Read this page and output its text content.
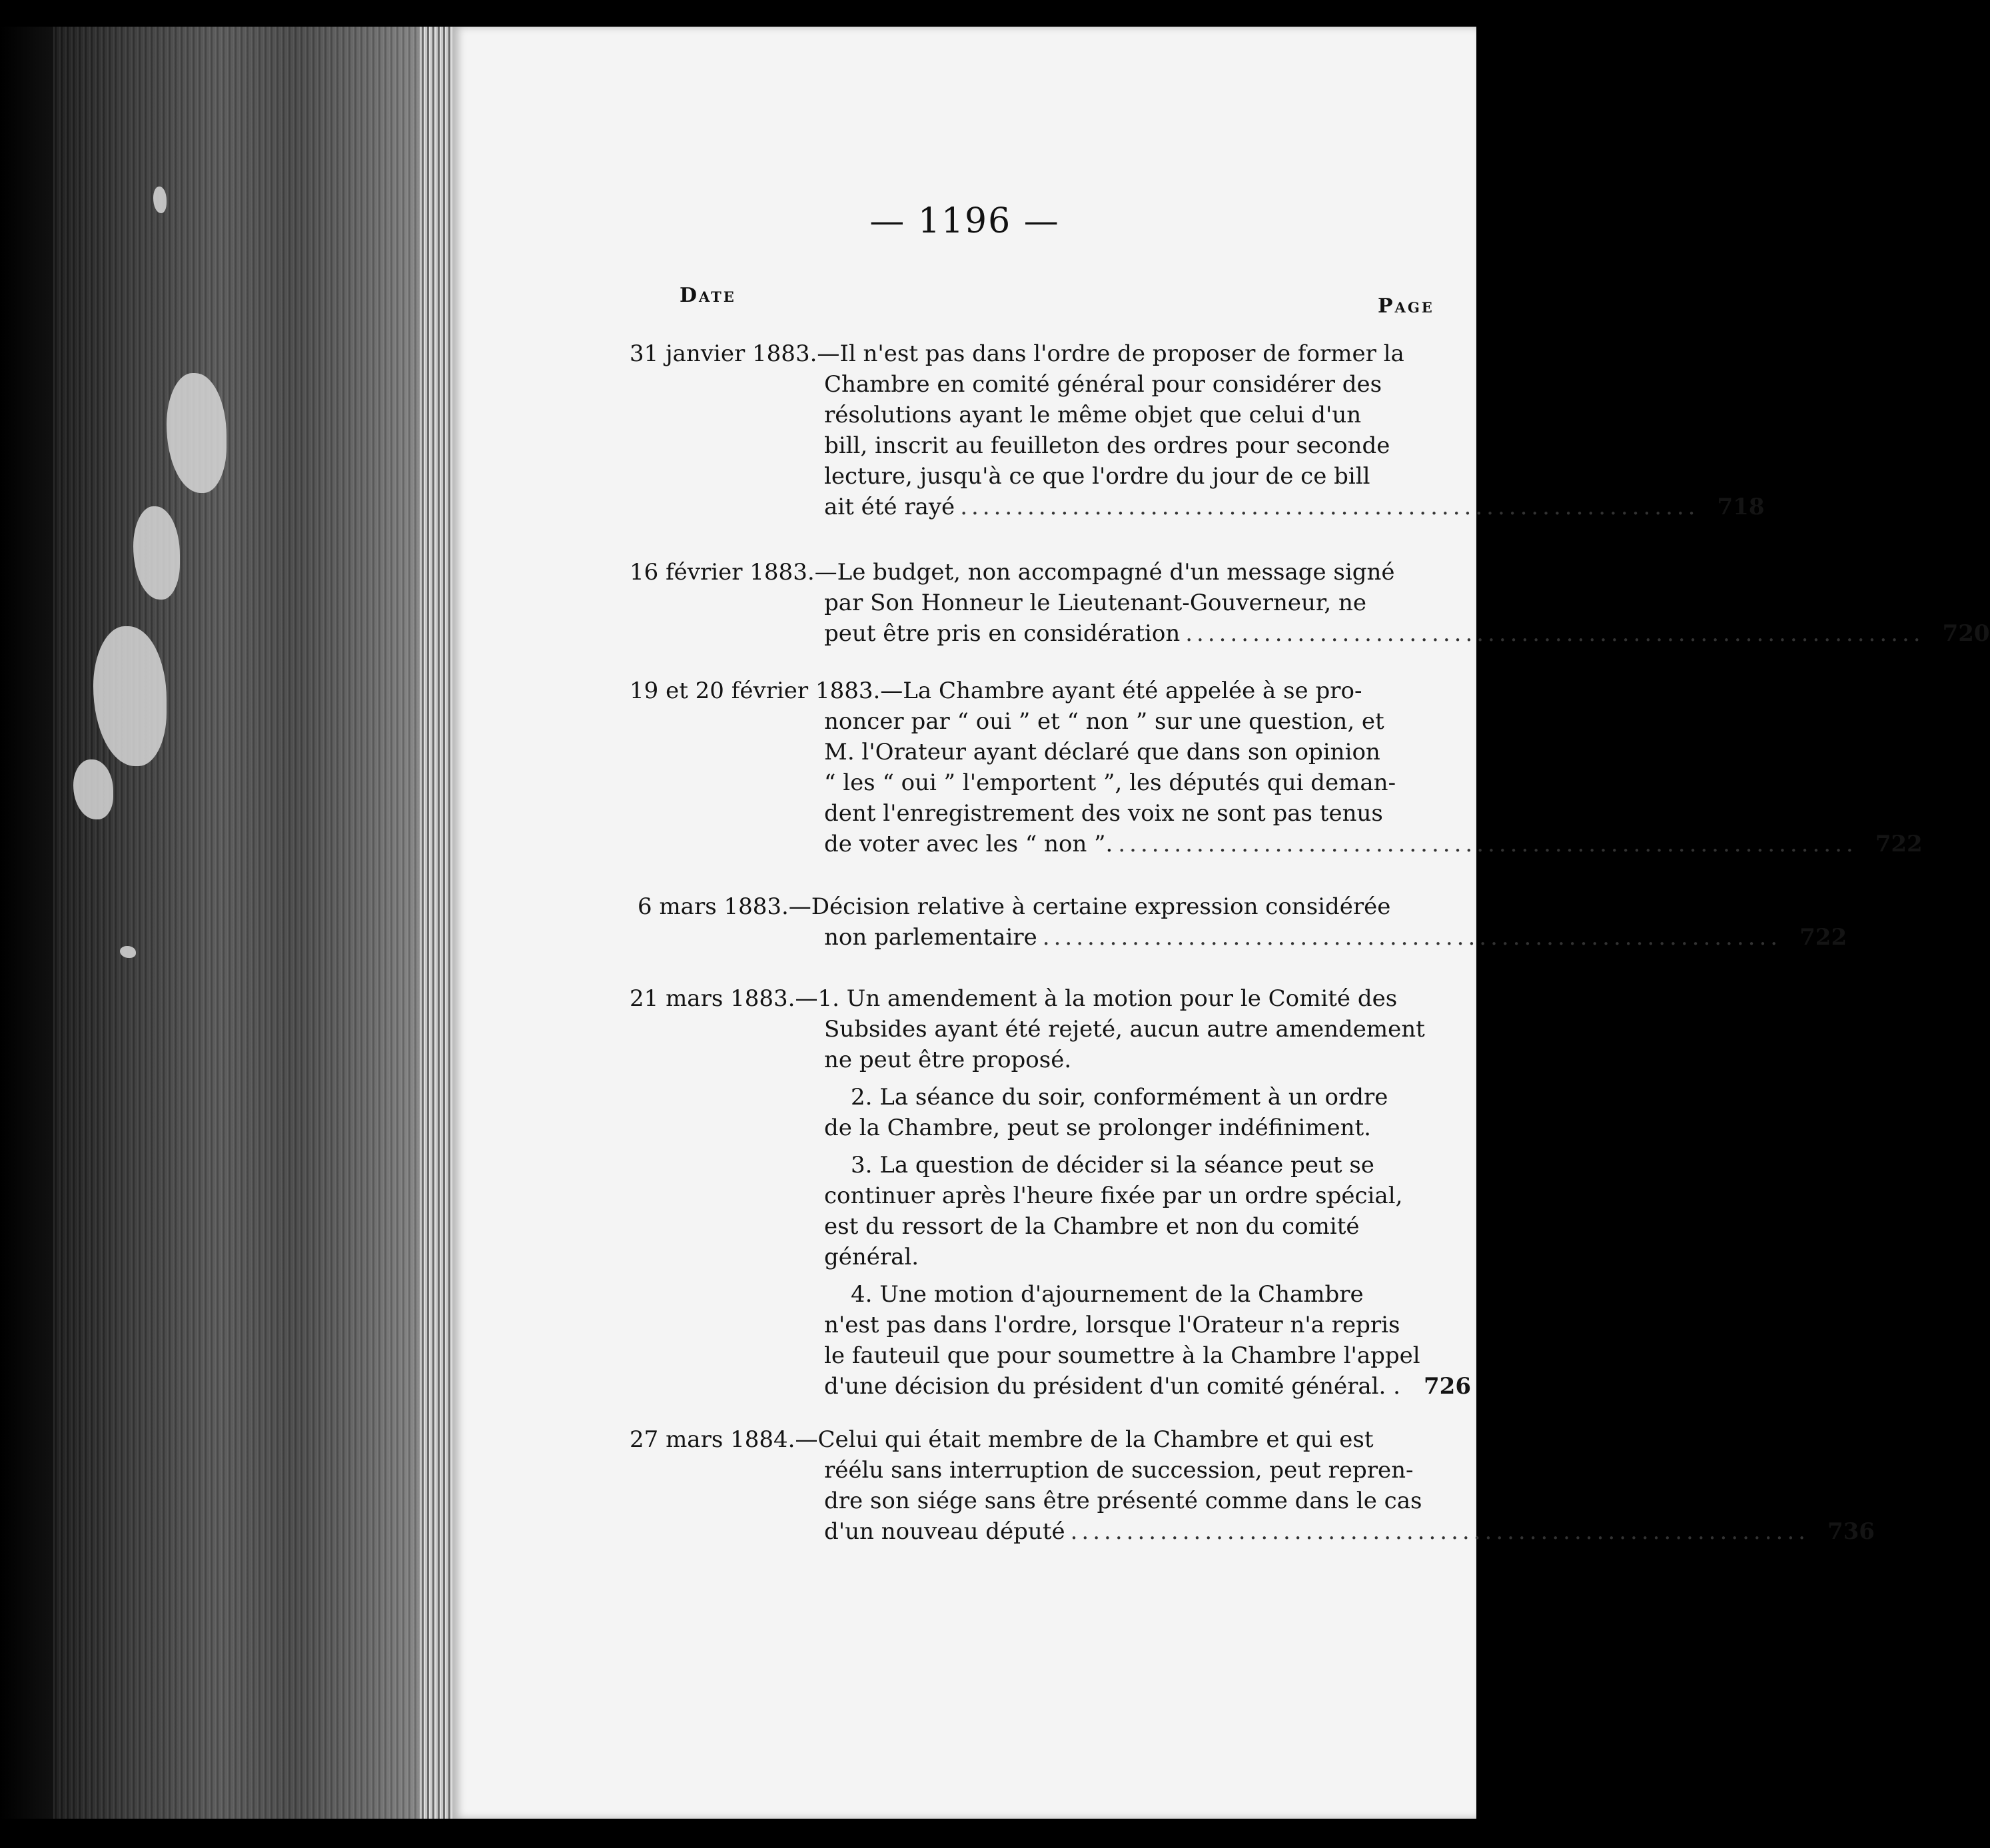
— 1196 —
Date	Page
31 janvier 1883.—Il n'est pas dans l'ordre de proposer de former la
Chambre en comité général pour considérer des
résolutions ayant le même objet que celui d'un
bill, inscrit au feuilleton des ordres pour seconde
lecture, jusqu'à ce que l'ordre du jour de ce bill
ait été rayé .................................................................. 718
16 février 1883.—Le budget, non accompagné d'un message signé
par Son Honneur le Lieutenant-Gouverneur, ne
peut être pris en considération .................................................................. 720
19 et 20 février 1883.—La Chambre ayant été appelée à se pro-
noncer par “ oui ” et “ non ” sur une question, et
M. l'Orateur ayant déclaré que dans son opinion
“ les “ oui ” l'emportent ”, les députés qui deman-
dent l'enregistrement des voix ne sont pas tenus
de voter avec les “ non ”. .................................................................. 722
6 mars 1883.—Décision relative à certaine expression considérée
non parlementaire .................................................................. 722
21 mars 1883.—1. Un amendement à la motion pour le Comité des
Subsides ayant été rejeté, aucun autre amendement
ne peut être proposé.
2. La séance du soir, conformément à un ordre
de la Chambre, peut se prolonger indéfiniment.
3. La question de décider si la séance peut se
continuer après l'heure fixée par un ordre spécial,
est du ressort de la Chambre et non du comité
général.
4. Une motion d'ajournement de la Chambre
n'est pas dans l'ordre, lorsque l'Orateur n'a repris
le fauteuil que pour soumettre à la Chambre l'appel
d'une décision du président d'un comité général. .	726
27 mars 1884.—Celui qui était membre de la Chambre et qui est
réélu sans interruption de succession, peut repren-
dre son siége sans être présenté comme dans le cas
d'un nouveau député .................................................................. 736
